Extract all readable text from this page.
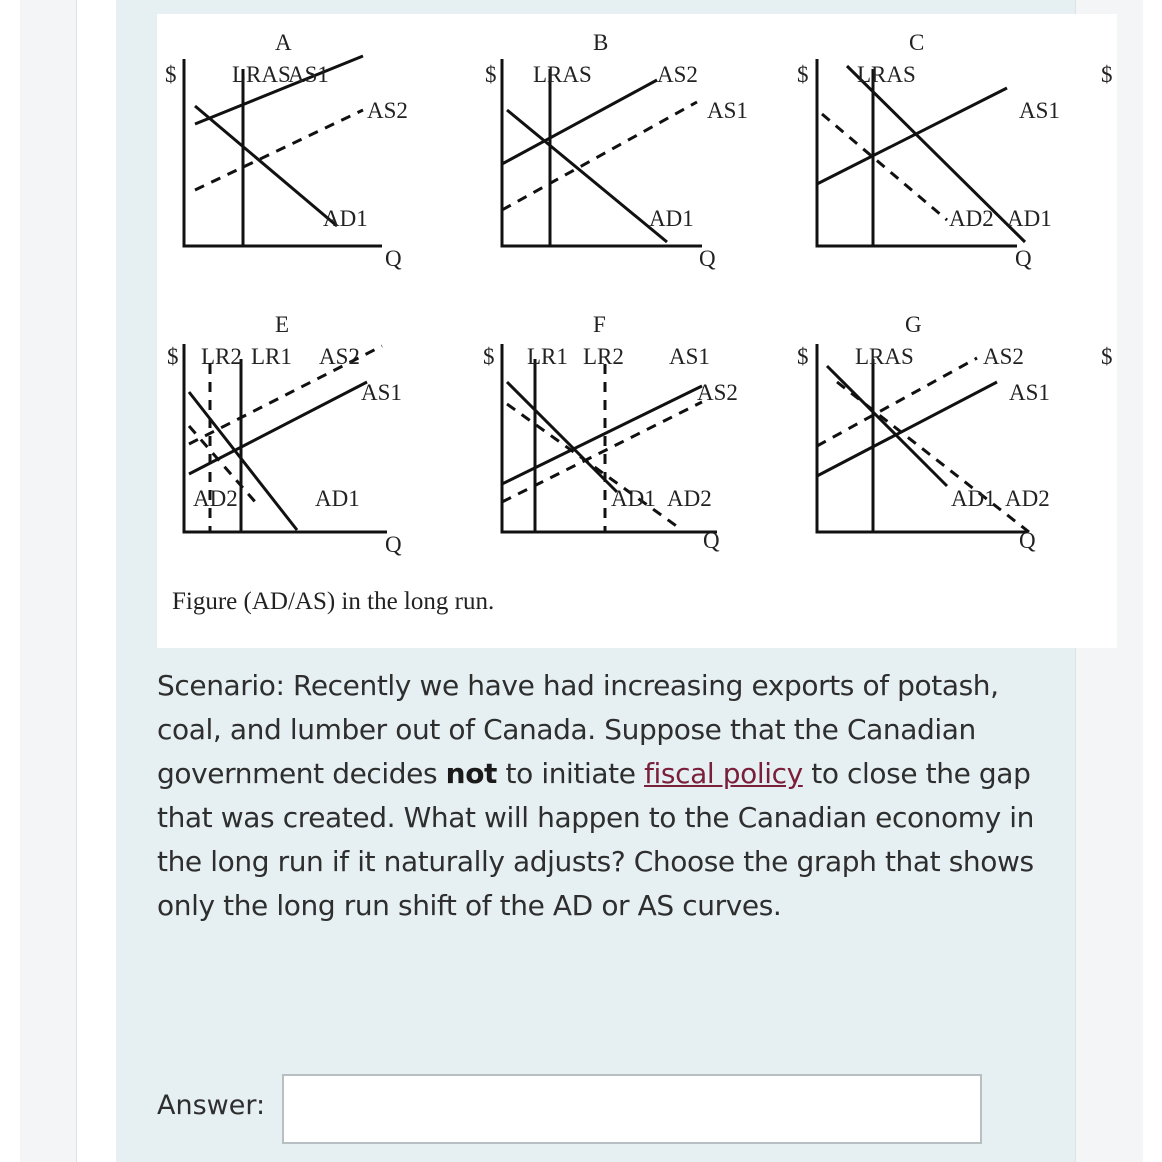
A
$ LRAS
AS1
AS2
AD1
Q
B
$ LRAS	AS2
AS1
AD1
Q
C
$ LRAS
AS1
AD2 AD1
Q
E
$ LR2 LR1 AS2
AS1
AD2	AD1
Q
F
$ LR1 LR2 AS1
AS2
AD1 AD2
Q
G
$ LRAS	AS2
AS1
AD1 AD2
Q
$
$
Figure (AD/AS) in the long run.
Scenario: Recently we have had increasing exports of potash, coal, and lumber out of Canada. Suppose that the Canadian government decides not to initiate fiscal policy to close the gap that was created. What will happen to the Canadian economy in the long run if it naturally adjusts? Choose the graph that shows only the long run shift of the AD or AS curves.
Answer:
